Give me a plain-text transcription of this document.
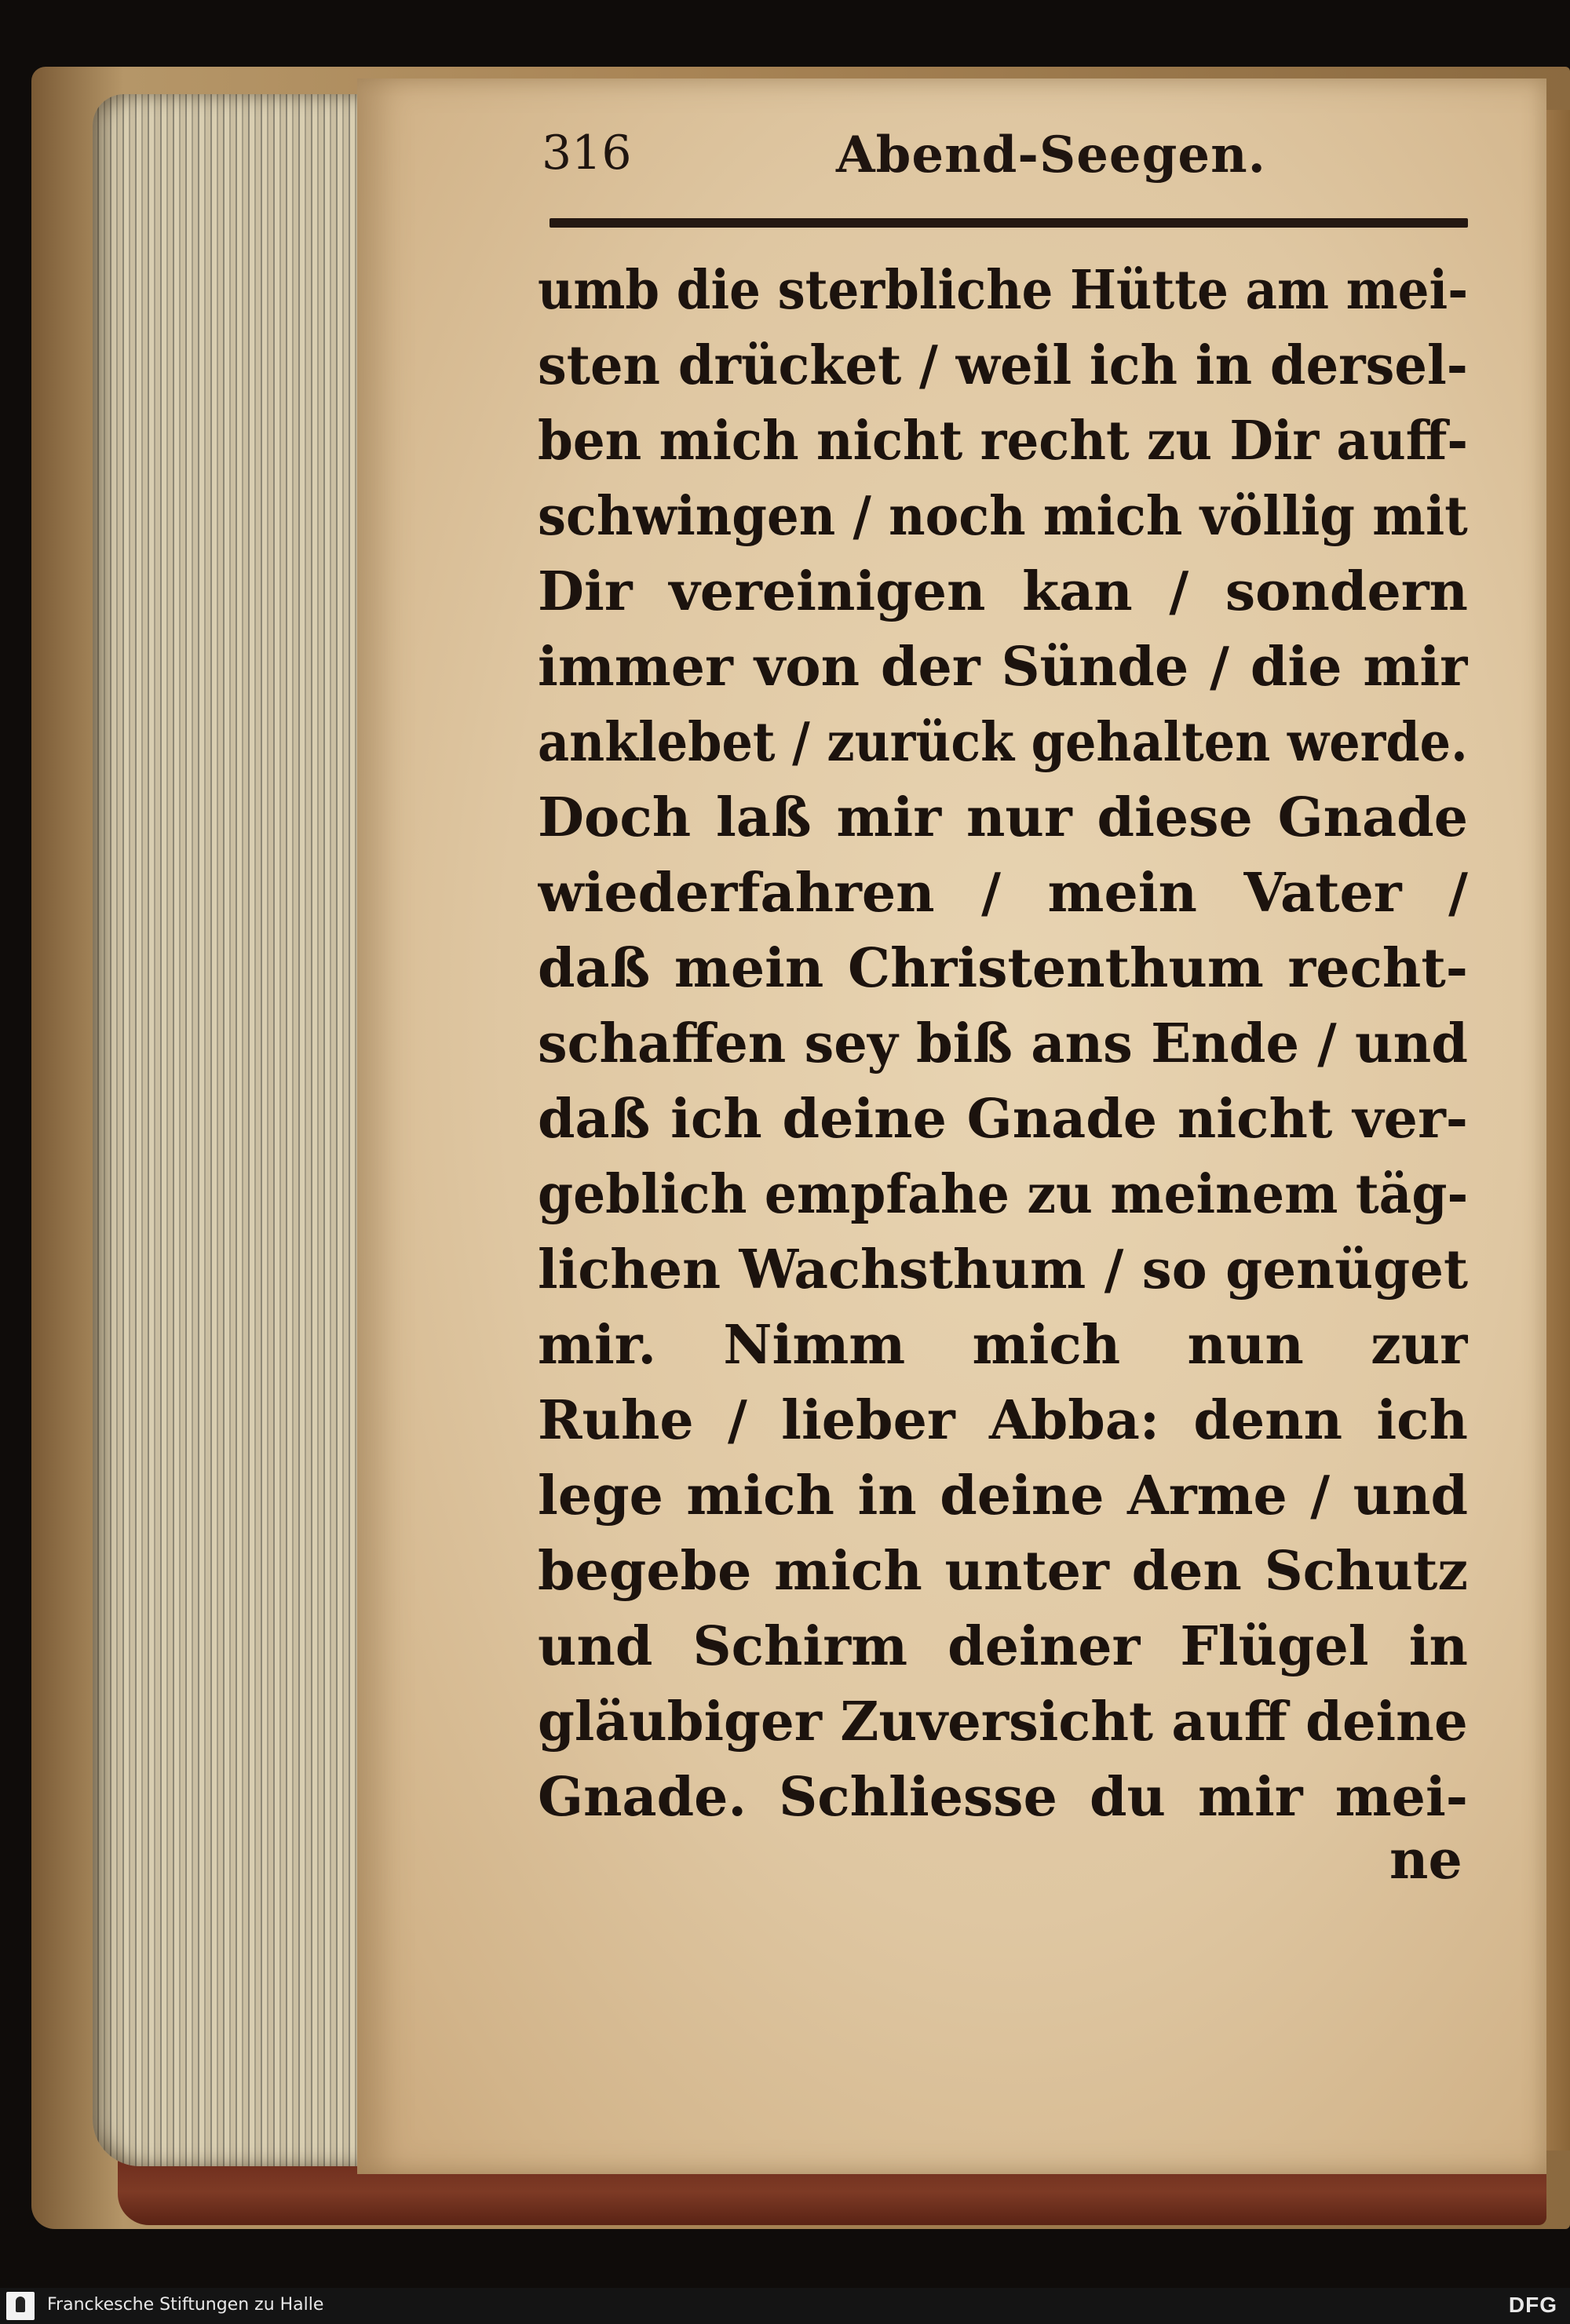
316	Abend-Seegen.
umb die sterbliche Hütte am mei-
sten drücket / weil ich in dersel-
ben mich nicht recht zu Dir auff-
schwingen / noch mich völlig mit
Dir vereinigen kan / sondern
immer von der Sünde / die mir
anklebet / zurück gehalten werde.
Doch laß mir nur diese Gnade
wiederfahren / mein Vater /
daß mein Christenthum recht-
schaffen sey biß ans Ende / und
daß ich deine Gnade nicht ver-
geblich empfahe zu meinem täg-
lichen Wachsthum / so genüget
mir. Nimm mich nun zur
Ruhe / lieber Abba: denn ich
lege mich in deine Arme / und
begebe mich unter den Schutz
und Schirm deiner Flügel in
gläubiger Zuversicht auff deine
Gnade. Schliesse du mir mei-
ne
Franckesche Stiftungen zu Halle	DFG
